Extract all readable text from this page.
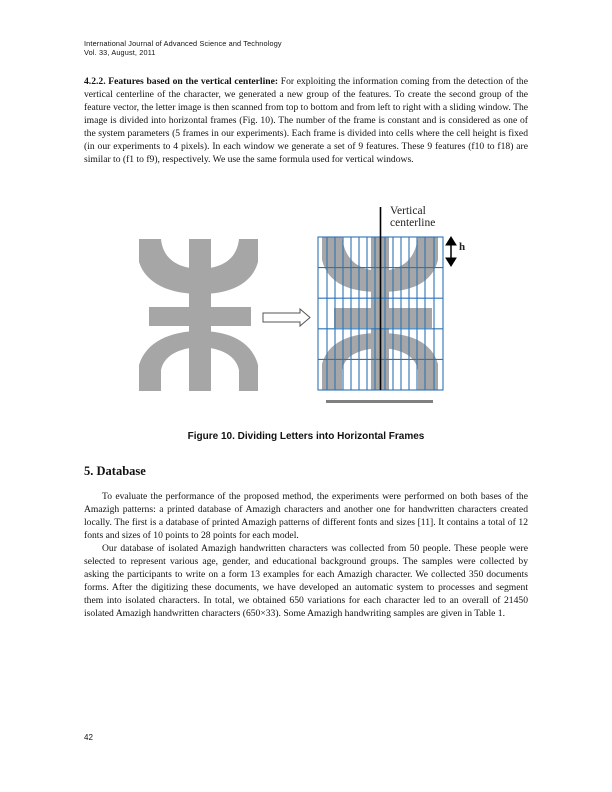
International Journal of Advanced Science and Technology
Vol. 33, August, 2011

4.2.2. Features based on the vertical centerline: For exploiting the information coming from the detection of the vertical centerline of the character, we generated a new group of the features. To create the second group of the feature vector, the letter image is then scanned from top to bottom and from left to right with a sliding window. The image is divided into horizontal frames (Fig. 10). The number of the frame is constant and is considered as one of the system parameters (5 frames in our experiments). Each frame is divided into cells where the cell height is fixed (in our experiments to 4 pixels). In each window we generate a set of 9 features. These 9 features (f10 to f18) are similar to (f1 to f9), respectively. We use the same formula used for vertical windows.

Vertical
centerline
h
Figure 10. Dividing Letters into Horizontal Frames
5. Database

To evaluate the performance of the proposed method, the experiments were performed on both bases of the Amazigh patterns: a printed database of Amazigh characters and another one for handwritten characters created locally. The first is a database of printed Amazigh patterns of different fonts and sizes [11]. It contains a total of 12 fonts and sizes of 10 points to 28 points for each model.

Our database of isolated Amazigh handwritten characters was collected from 50 people. These people were selected to represent various age, gender, and educational background groups. The samples were collected by asking the participants to write on a form 13 examples for each Amazigh character. We collected 350 documents forms. After the digitizing these documents, we have developed an automatic system to processes and segment them into isolated characters. In total, we obtained 650 variations for each character led to an overall of 21450 isolated Amazigh handwritten characters (650×33). Some Amazigh handwriting samples are given in Table 1.

42
